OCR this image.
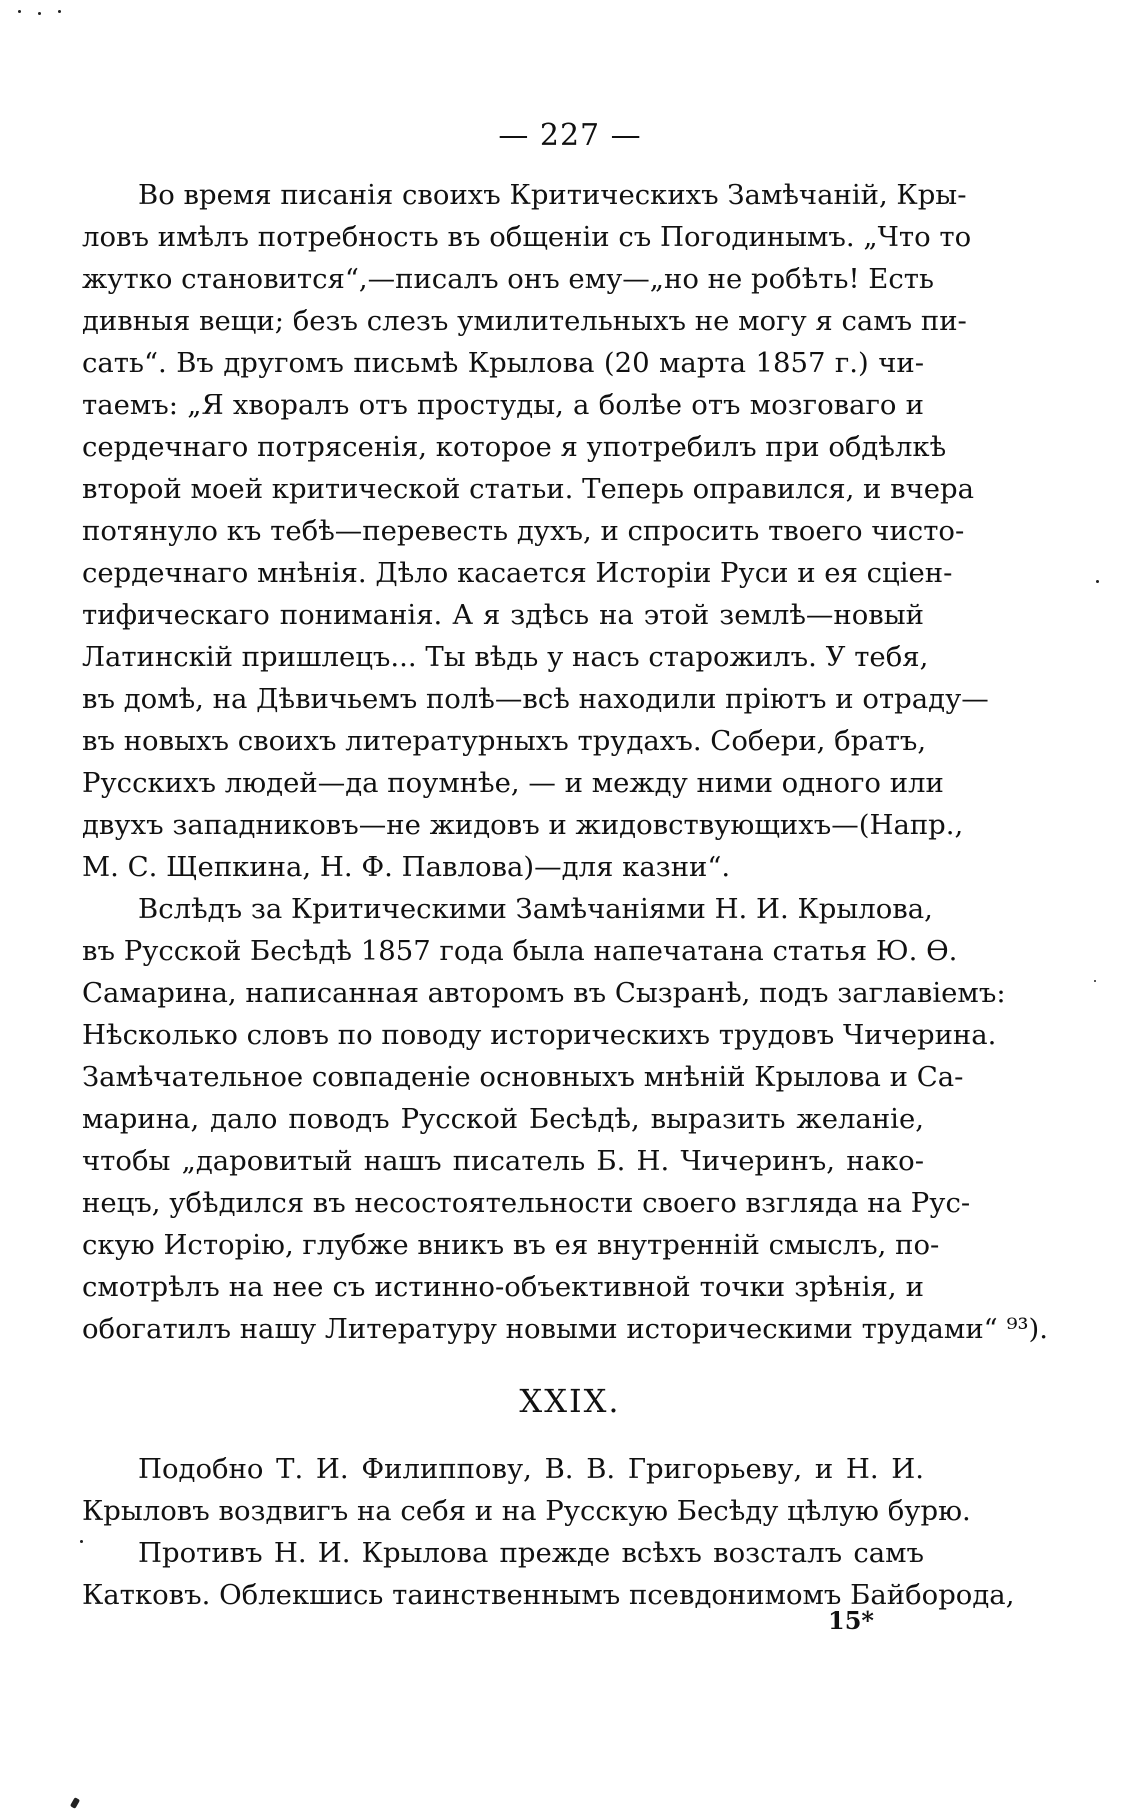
— 227 —
Во время писанія своихъ Критическихъ Замѣчаній, Кры-
ловъ имѣлъ потребность въ общеніи съ Погодинымъ. „Что то
жутко становится“,—писалъ онъ ему—„но не робѣть! Есть
дивныя вещи; безъ слезъ умилительныхъ не могу я самъ пи-
сать“. Въ другомъ письмѣ Крылова (20 марта 1857 г.) чи-
таемъ: „Я хворалъ отъ простуды, а болѣе отъ мозговаго и
сердечнаго потрясенія, которое я употребилъ при обдѣлкѣ
второй моей критической статьи. Теперь оправился, и вчера
потянуло къ тебѣ—перевесть духъ, и спросить твоего чисто-
сердечнаго мнѣнія. Дѣло касается Исторіи Руси и ея сціен-
тифическаго пониманія. А я здѣсь на этой землѣ—новый
Латинскій пришлецъ... Ты вѣдь у насъ старожилъ. У тебя,
въ домѣ, на Дѣвичьемъ полѣ—всѣ находили пріютъ и отраду—
въ новыхъ своихъ литературныхъ трудахъ. Собери, братъ,
Русскихъ людей—да поумнѣе, — и между ними одного или
двухъ западниковъ—не жидовъ и жидовствующихъ—(Напр.,
М. С. Щепкина, Н. Ф. Павлова)—для казни“.
Вслѣдъ за Критическими Замѣчаніями Н. И. Крылова,
въ Русской Бесѣдѣ 1857 года была напечатана статья Ю. Ѳ.
Самарина, написанная авторомъ въ Сызранѣ, подъ заглавіемъ:
Нѣсколько словъ по поводу историческихъ трудовъ Чичерина.
Замѣчательное совпаденіе основныхъ мнѣній Крылова и Са-
марина, дало поводъ Русской Бесѣдѣ, выразить желаніе,
чтобы „даровитый нашъ писатель Б. Н. Чичеринъ, нако-
нецъ, убѣдился въ несостоятельности своего взгляда на Рус-
скую Исторію, глубже вникъ въ ея внутренній смыслъ, по-
смотрѣлъ на нее съ истинно-объективной точки зрѣнія, и
обогатилъ нашу Литературу новыми историческими трудами“ ⁹³).
XXIX.
Подобно Т. И. Филиппову, В. В. Григорьеву, и Н. И.
Крыловъ воздвигъ на себя и на Русскую Бесѣду цѣлую бурю.
Противъ Н. И. Крылова прежде всѣхъ возсталъ самъ
Катковъ. Облекшись таинственнымъ псевдонимомъ Байборода,
15*
